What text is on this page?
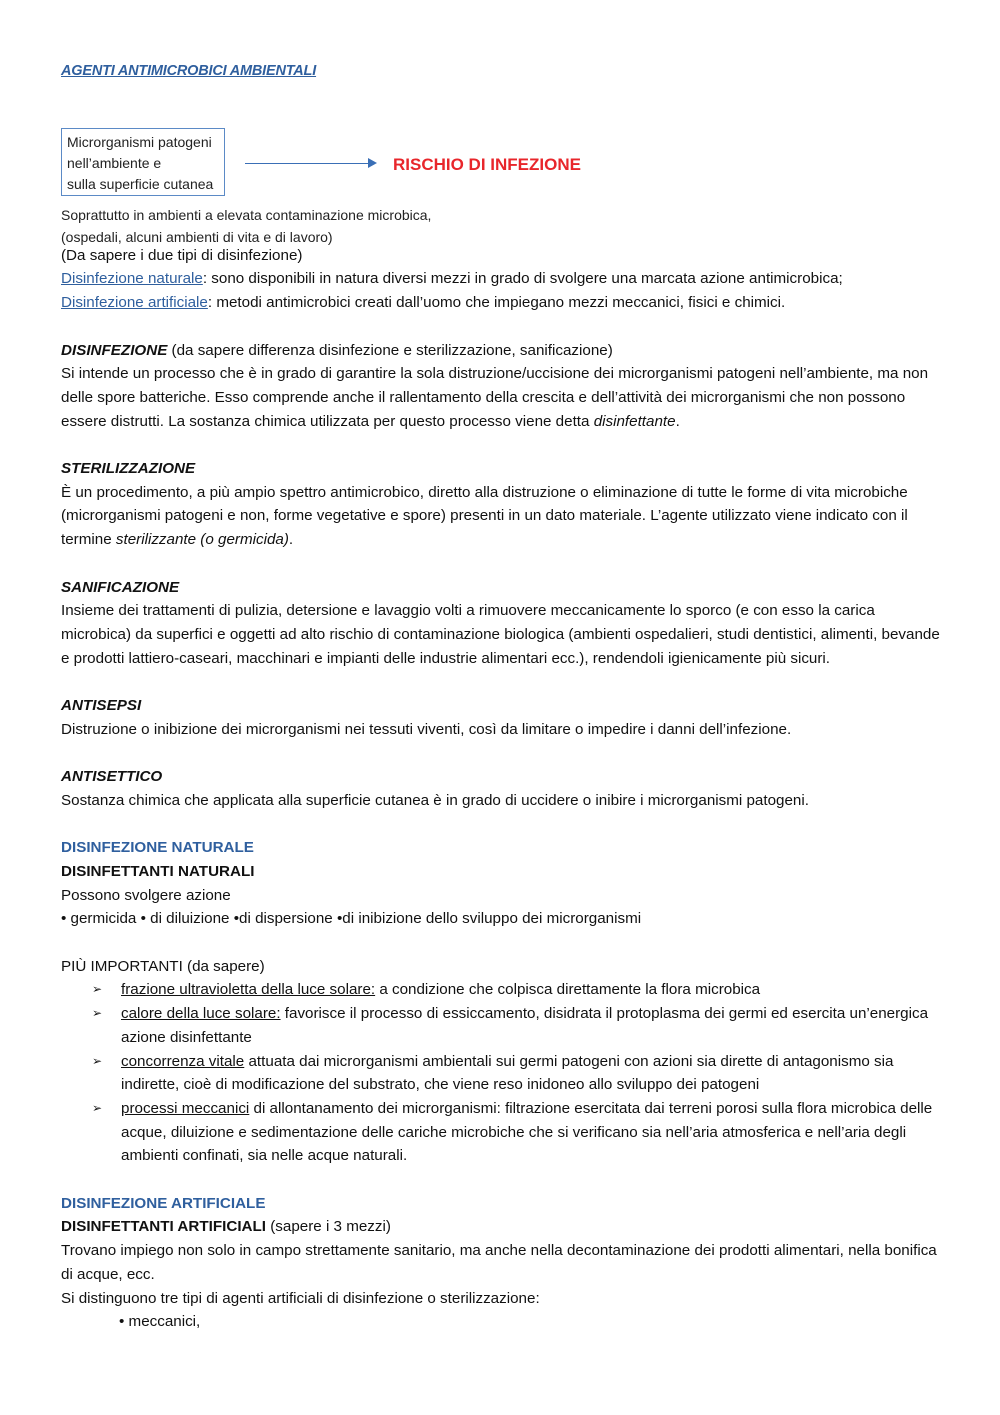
AGENTI ANTIMICROBICI AMBIENTALI
Microrganismi patogeni
nell’ambiente e
sulla superficie cutanea
RISCHIO DI INFEZIONE
Soprattutto in ambienti a elevata contaminazione microbica,
(ospedali, alcuni ambienti di vita e di lavoro)

(Da sapere i due tipi di disinfezione)

Disinfezione naturale: sono disponibili in natura diversi mezzi in grado di svolgere una marcata azione antimicrobica;

Disinfezione artificiale: metodi antimicrobici creati dall’uomo che impiegano mezzi meccanici, fisici e chimici.

DISINFEZIONE (da sapere differenza disinfezione e sterilizzazione, sanificazione)

Si intende un processo che è in grado di garantire la sola distruzione/uccisione dei microrganismi patogeni nell’ambiente, ma non delle spore batteriche. Esso comprende anche il rallentamento della crescita e dell’attività dei microrganismi che non possono essere distrutti. La sostanza chimica utilizzata per questo processo viene detta disinfettante.

STERILIZZAZIONE

È un procedimento, a più ampio spettro antimicrobico, diretto alla distruzione o eliminazione di tutte le forme di vita microbiche (microrganismi patogeni e non, forme vegetative e spore) presenti in un dato materiale. L’agente utilizzato viene indicato con il termine sterilizzante (o germicida).

SANIFICAZIONE

Insieme dei trattamenti di pulizia, detersione e lavaggio volti a rimuovere meccanicamente lo sporco (e con esso la carica microbica) da superfici e oggetti ad alto rischio di contaminazione biologica (ambienti ospedalieri, studi dentistici, alimenti, bevande e prodotti lattiero-caseari, macchinari e impianti delle industrie alimentari ecc.), rendendoli igienicamente più sicuri.

ANTISEPSI

Distruzione o inibizione dei microrganismi nei tessuti viventi, così da limitare o impedire i danni dell’infezione.

ANTISETTICO

Sostanza chimica che applicata alla superficie cutanea è in grado di uccidere o inibire i microrganismi patogeni.

DISINFEZIONE NATURALE

DISINFETTANTI NATURALI

Possono svolgere azione

• germicida • di diluizione •di dispersione •di inibizione dello sviluppo dei microrganismi

PIÙ IMPORTANTI (da sapere)

➢	frazione ultravioletta della luce solare: a condizione che colpisca direttamente la flora microbica
➢	calore della luce solare: favorisce il processo di essiccamento, disidrata il protoplasma dei germi ed esercita un’energica azione disinfettante
➢	concorrenza vitale attuata dai microrganismi ambientali sui germi patogeni con azioni sia dirette di antagonismo sia indirette, cioè di modificazione del substrato, che viene reso inidoneo allo sviluppo dei patogeni
➢	processi meccanici di allontanamento dei microrganismi: filtrazione esercitata dai terreni porosi sulla flora microbica delle acque, diluizione e sedimentazione delle cariche microbiche che si verificano sia nell’aria atmosferica e nell’aria degli ambienti confinati, sia nelle acque naturali.

DISINFEZIONE ARTIFICIALE

DISINFETTANTI ARTIFICIALI (sapere i 3 mezzi)

Trovano impiego non solo in campo strettamente sanitario, ma anche nella decontaminazione dei prodotti alimentari, nella bonifica di acque, ecc.

Si distinguono tre tipi di agenti artificiali di disinfezione o sterilizzazione:

• meccanici,
